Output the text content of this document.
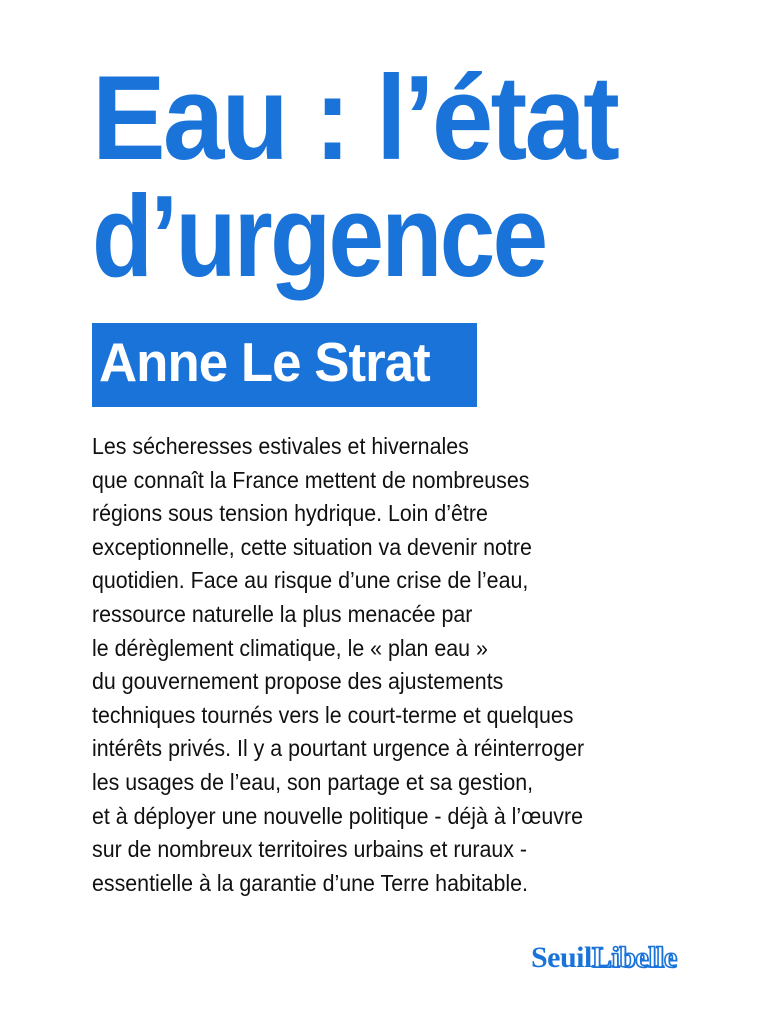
Eau : l’état
d’urgence
Anne Le Strat
Les sécheresses estivales et hivernales
que connaît la France mettent de nombreuses
régions sous tension hydrique. Loin d’être
exceptionnelle, cette situation va devenir notre
quotidien. Face au risque d’une crise de l’eau,
ressource naturelle la plus menacée par
le dérèglement climatique, le « plan eau »
du gouvernement propose des ajustements
techniques tournés vers le court-terme et quelques
intérêts privés. Il y a pourtant urgence à réinterroger
les usages de l’eau, son partage et sa gestion,
et à déployer une nouvelle politique - déjà à l’œuvre
sur de nombreux territoires urbains et ruraux -
essentielle à la garantie d’une Terre habitable.
SeuilLibelle
